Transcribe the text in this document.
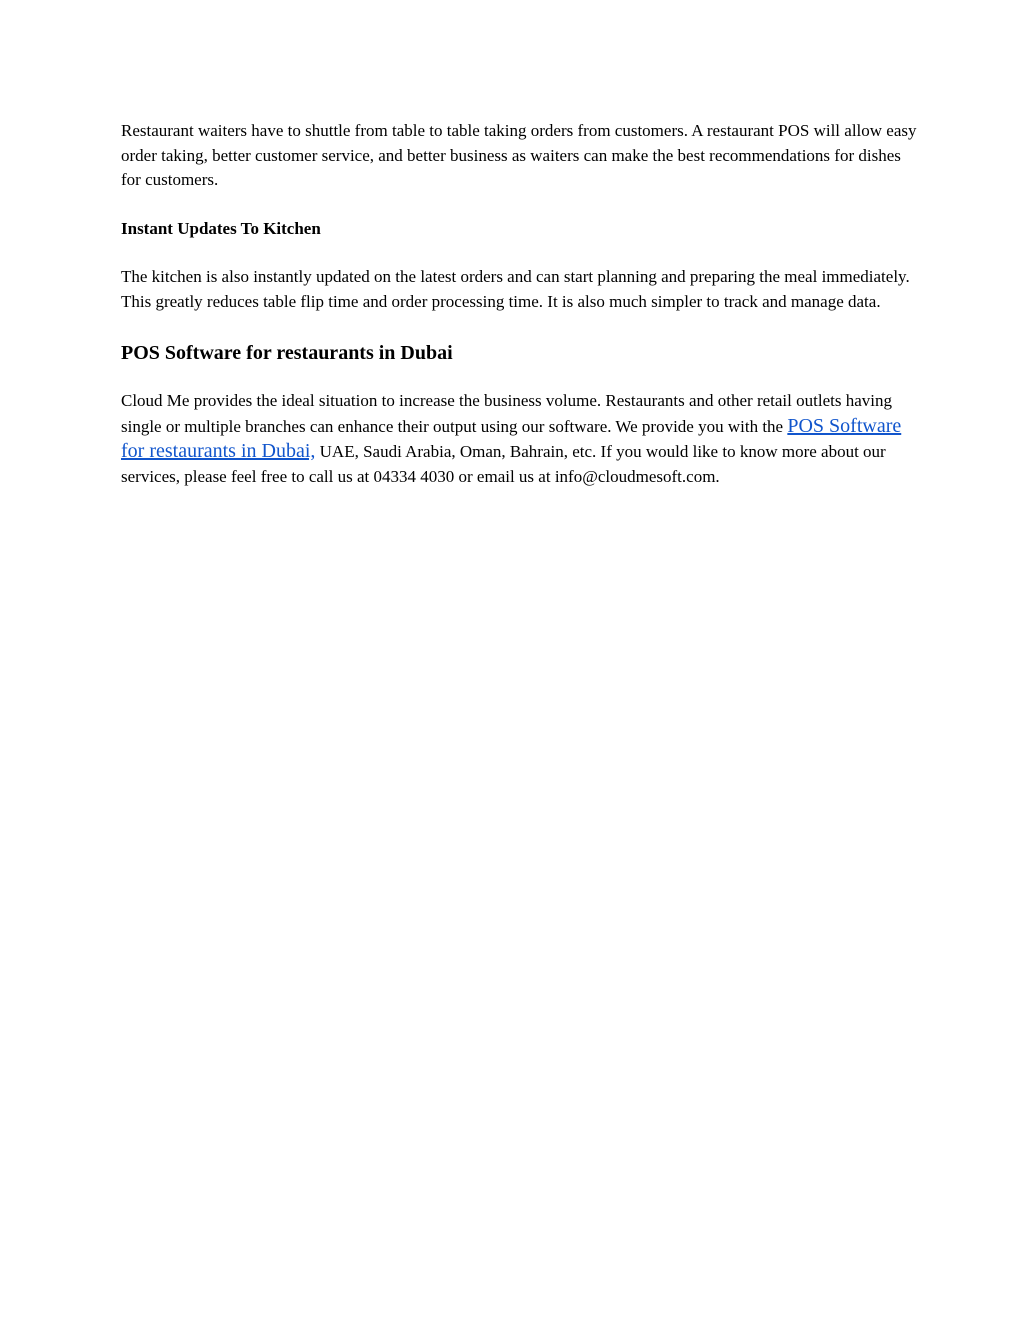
Restaurant waiters have to shuttle from table to table taking orders from customers. A restaurant POS will allow easy order taking, better customer service, and better business as waiters can make the best recommendations for dishes for customers.

Instant Updates To Kitchen

The kitchen is also instantly updated on the latest orders and can start planning and preparing the meal immediately. This greatly reduces table flip time and order processing time. It is also much simpler to track and manage data.

POS Software for restaurants in Dubai

Cloud Me provides the ideal situation to increase the business volume. Restaurants and other retail outlets having single or multiple branches can enhance their output using our software. We provide you with the POS Software for restaurants in Dubai, UAE, Saudi Arabia, Oman, Bahrain, etc. If you would like to know more about our services, please feel free to call us at 04334 4030 or email us at info@cloudmesoft.com.
